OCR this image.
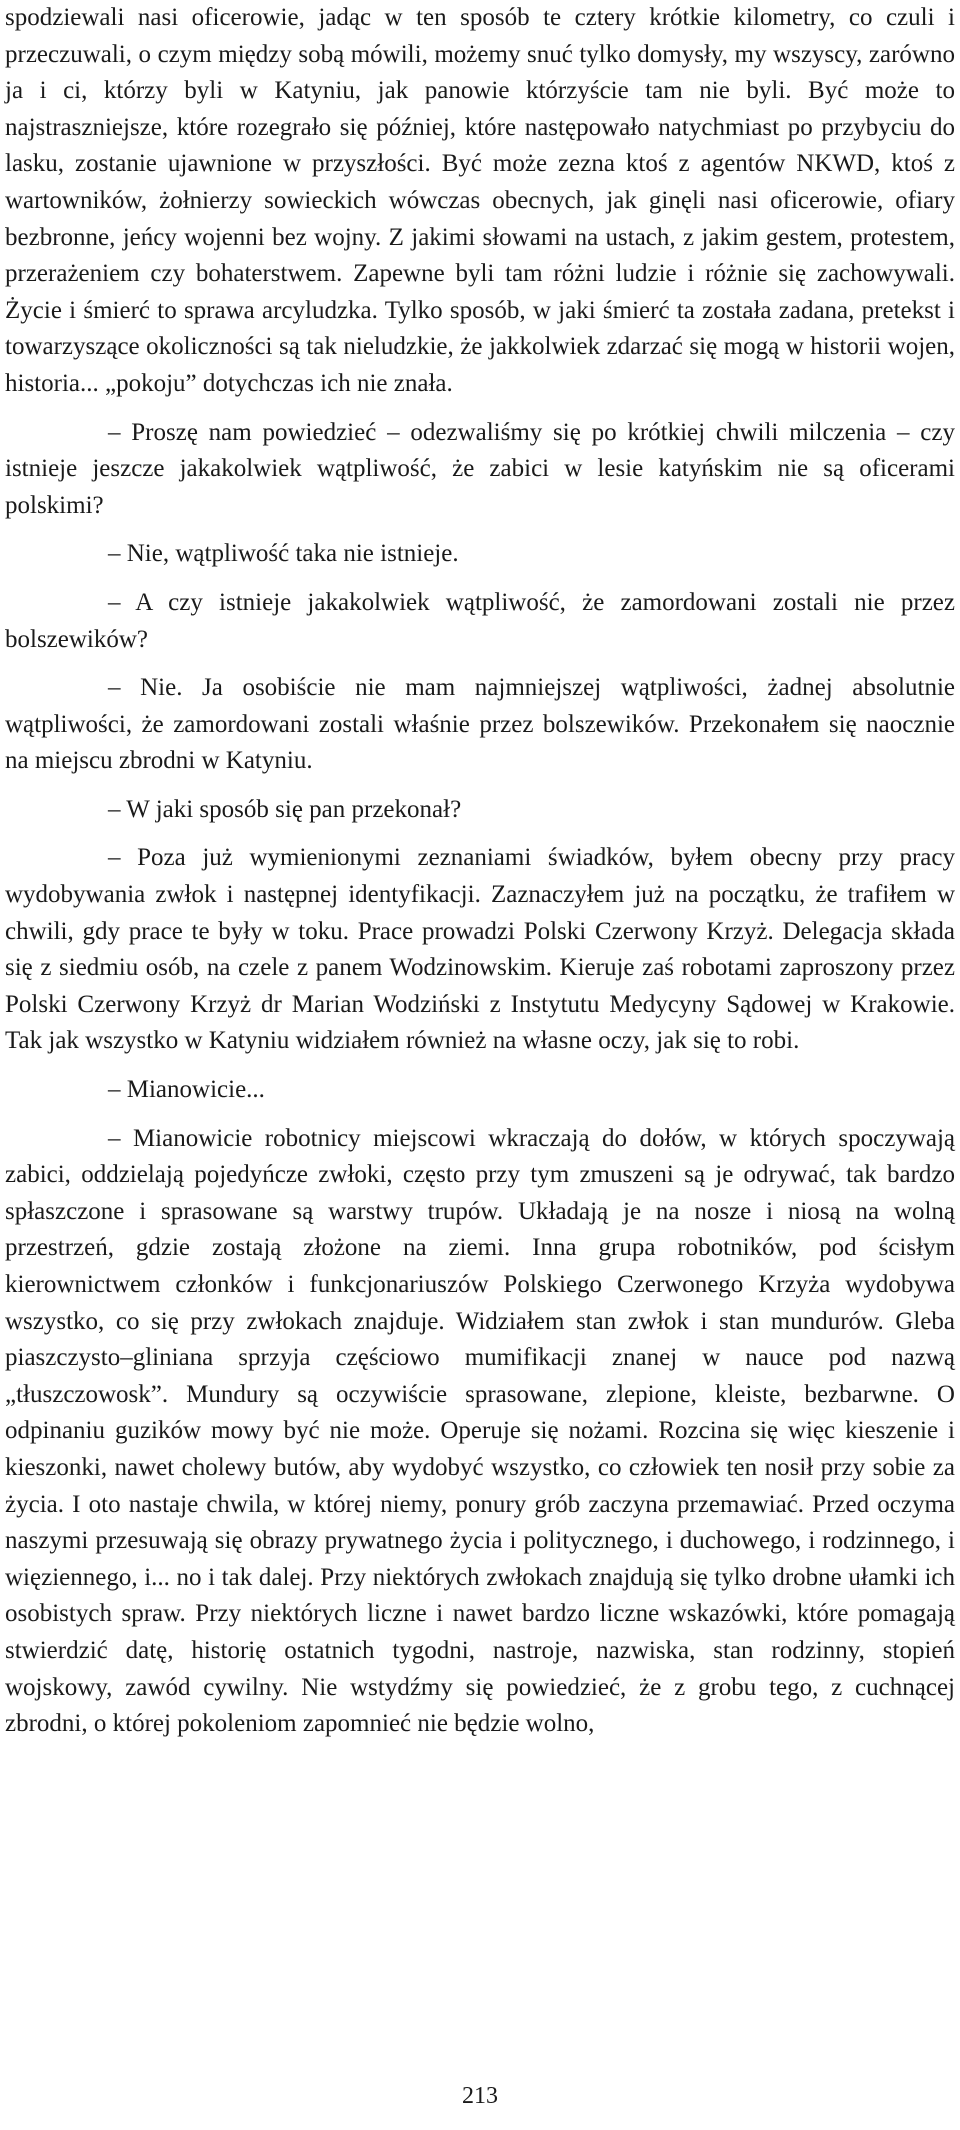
spodziewali nasi oficerowie, jadąc w ten sposób te cztery krótkie kilometry, co czuli i przeczuwali, o czym między sobą mówili, możemy snuć tylko domysły, my wszyscy, zarówno ja i ci, którzy byli w Katyniu, jak panowie którzyście tam nie byli. Być może to najstraszniejsze, które rozegrało się później, które następowało natychmiast po przybyciu do lasku, zostanie ujawnione w przyszłości. Być może zezna ktoś z agentów NKWD, ktoś z wartowników, żołnierzy sowieckich wówczas obecnych, jak ginęli nasi oficerowie, ofiary bezbronne, jeńcy wojenni bez wojny. Z jakimi słowami na ustach, z jakim gestem, protestem, przerażeniem czy bohaterstwem. Zapewne byli tam różni ludzie i różnie się zachowywali. Życie i śmierć to sprawa arcyludzka. Tylko sposób, w jaki śmierć ta została zadana, pretekst i towarzyszące okoliczności są tak nieludzkie, że jakkolwiek zdarzać się mogą w historii wojen, historia... „pokoju” dotychczas ich nie znała.

– Proszę nam powiedzieć – odezwaliśmy się po krótkiej chwili milczenia – czy istnieje jeszcze jakakolwiek wątpliwość, że zabici w lesie katyńskim nie są oficerami polskimi?

– Nie, wątpliwość taka nie istnieje.

– A czy istnieje jakakolwiek wątpliwość, że zamordowani zostali nie przez bolszewików?

– Nie. Ja osobiście nie mam najmniejszej wątpliwości, żadnej absolutnie wątpliwości, że zamordowani zostali właśnie przez bolszewików. Przekonałem się naocznie na miejscu zbrodni w Katyniu.

– W jaki sposób się pan przekonał?

– Poza już wymienionymi zeznaniami świadków, byłem obecny przy pracy wydobywania zwłok i następnej identyfikacji. Zaznaczyłem już na początku, że trafiłem w chwili, gdy prace te były w toku. Prace prowadzi Polski Czerwony Krzyż. Delegacja składa się z siedmiu osób, na czele z panem Wodzinowskim. Kieruje zaś robotami zaproszony przez Polski Czerwony Krzyż dr Marian Wodziński z Instytutu Medycyny Sądowej w Krakowie. Tak jak wszystko w Katyniu widziałem również na własne oczy, jak się to robi.

– Mianowicie...

– Mianowicie robotnicy miejscowi wkraczają do dołów, w których spoczywają zabici, oddzielają pojedyńcze zwłoki, często przy tym zmuszeni są je odrywać, tak bardzo spłaszczone i sprasowane są warstwy trupów. Układają je na nosze i niosą na wolną przestrzeń, gdzie zostają złożone na ziemi. Inna grupa robotników, pod ścisłym kierownictwem członków i funkcjonariuszów Polskiego Czerwonego Krzyża wydobywa wszystko, co się przy zwłokach znajduje. Widziałem stan zwłok i stan mundurów. Gleba piaszczysto–gliniana sprzyja częściowo mumifikacji znanej w nauce pod nazwą „tłuszczowosk”. Mundury są oczywiście sprasowane, zlepione, kleiste, bezbarwne. O odpinaniu guzików mowy być nie może. Operuje się nożami. Rozcina się więc kieszenie i kieszonki, nawet cholewy butów, aby wydobyć wszystko, co człowiek ten nosił przy sobie za życia. I oto nastaje chwila, w której niemy, ponury grób zaczyna przemawiać. Przed oczyma naszymi przesuwają się obrazy prywatnego życia i politycznego, i duchowego, i rodzinnego, i więziennego, i... no i tak dalej. Przy niektórych zwłokach znajdują się tylko drobne ułamki ich osobistych spraw. Przy niektórych liczne i nawet bardzo liczne wskazówki, które pomagają stwierdzić datę, historię ostatnich tygodni, nastroje, nazwiska, stan rodzinny, stopień wojskowy, zawód cywilny. Nie wstydźmy się powiedzieć, że z grobu tego, z cuchnącej zbrodni, o której pokoleniom zapomnieć nie będzie wolno,

213
